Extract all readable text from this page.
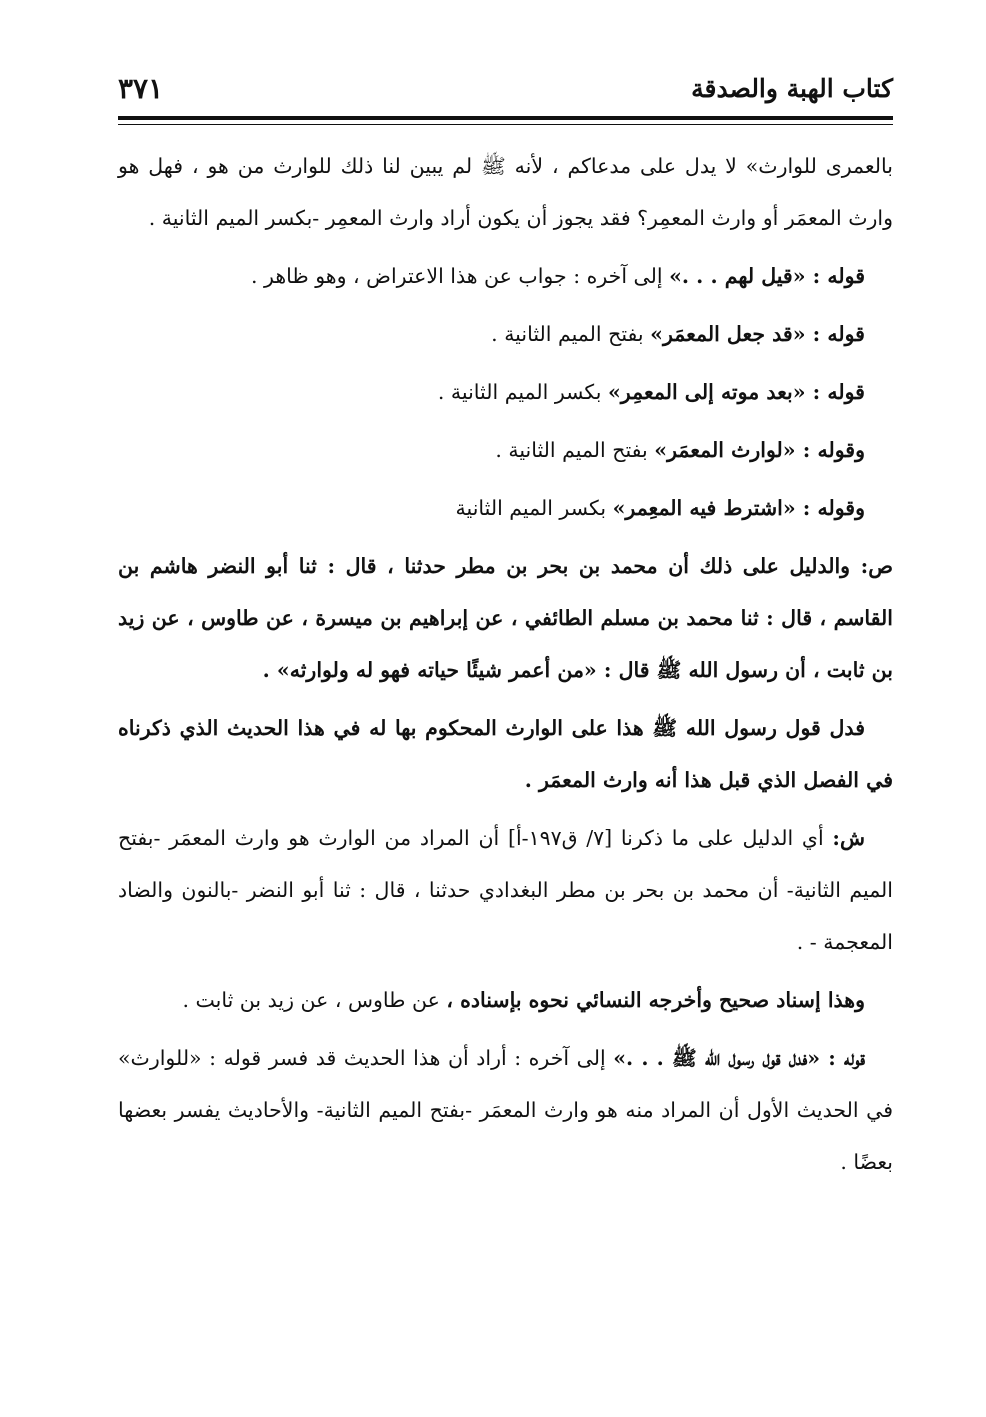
كتاب الهبة والصدقة
٣٧١

بالعمرى للوارث» لا يدل على مدعاكم ، لأنه ﷺ لم يبين لنا ذلك للوارث من هو ، فهل هو وارث المعمَر أو وارث المعمِر؟ فقد يجوز أن يكون أراد وارث المعمِر -بكسر الميم الثانية .

قوله : «قيل لهم . . .» إلى آخره : جواب عن هذا الاعتراض ، وهو ظاهر .

قوله : «قد جعل المعمَر» بفتح الميم الثانية .

قوله : «بعد موته إلى المعمِر» بكسر الميم الثانية .

وقوله : «لوارث المعمَر» بفتح الميم الثانية .

وقوله : «اشترط فيه المعِمر» بكسر الميم الثانية

ص: والدليل على ذلك أن محمد بن بحر بن مطر حدثنا ، قال : ثنا أبو النضر هاشم بن القاسم ، قال : ثنا محمد بن مسلم الطائفي ، عن إبراهيم بن ميسرة ، عن طاوس ، عن زيد بن ثابت ، أن رسول الله ﷺ قال : «من أعمر شيئًا حياته فهو له ولوارثه» .

فدل قول رسول الله ﷺ هذا على الوارث المحكوم بها له في هذا الحديث الذي ذكرناه في الفصل الذي قبل هذا أنه وارث المعمَر .

ش: أي الدليل على ما ذكرنا [٧/ ق١٩٧-أ] أن المراد من الوارث هو وارث المعمَر -بفتح الميم الثانية- أن محمد بن بحر بن مطر البغدادي حدثنا ، قال : ثنا أبو النضر -بالنون والضاد المعجمة - .

وهذا إسناد صحيح وأخرجه النسائي نحوه بإسناده ، عن طاوس ، عن زيد بن ثابت .

قوله : «فدل قول رسول الله ﷺ . . .» إلى آخره : أراد أن هذا الحديث قد فسر قوله : «للوارث» في الحديث الأول أن المراد منه هو وارث المعمَر -بفتح الميم الثانية- والأحاديث يفسر بعضها بعضًا .
